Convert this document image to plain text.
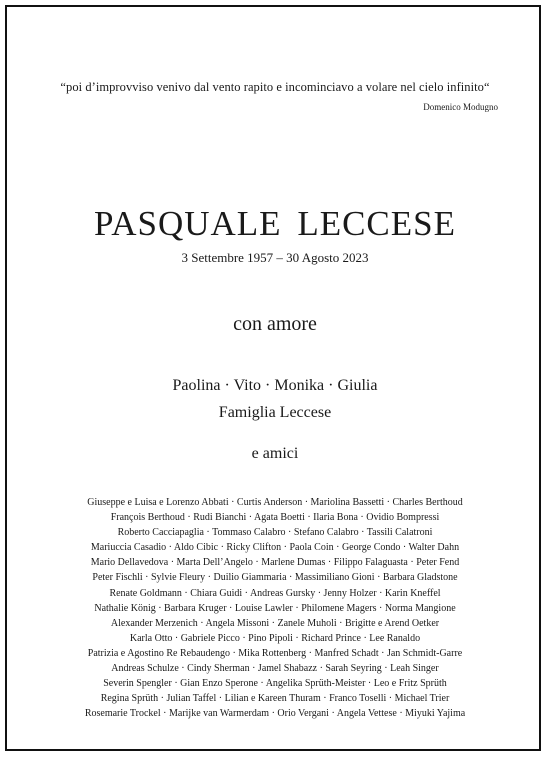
“poi d’improvviso venivo dal vento rapito e incominciavo a volare nel cielo infinito“
Domenico Modugno
PASQUALE LECCESE
3 Settembre 1957 – 30 Agosto 2023
con amore
Paolina · Vito · Monika · Giulia
Famiglia Leccese
e amici
Giuseppe e Luisa e Lorenzo Abbati · Curtis Anderson · Mariolina Bassetti · Charles Berthoud
François Berthoud · Rudi Bianchi · Agata Boetti · Ilaria Bona · Ovidio Bompressi
Roberto Cacciapaglia · Tommaso Calabro · Stefano Calabro · Tassili Calatroni
Mariuccia Casadio · Aldo Cibic · Ricky Clifton · Paola Coin · George Condo · Walter Dahn
Mario Dellavedova · Marta Dell’Angelo · Marlene Dumas · Filippo Falaguasta · Peter Fend
Peter Fischli · Sylvie Fleury · Duilio Giammaria · Massimiliano Gioni · Barbara Gladstone
Renate Goldmann · Chiara Guidi · Andreas Gursky · Jenny Holzer · Karin Kneffel
Nathalie König · Barbara Kruger · Louise Lawler · Philomene Magers · Norma Mangione
Alexander Merzenich · Angela Missoni · Zanele Muholi · Brigitte e Arend Oetker
Karla Otto · Gabriele Picco · Pino Pipoli · Richard Prince · Lee Ranaldo
Patrizia e Agostino Re Rebaudengo · Mika Rottenberg · Manfred Schadt · Jan Schmidt-Garre
Andreas Schulze · Cindy Sherman · Jamel Shabazz · Sarah Seyring · Leah Singer
Severin Spengler · Gian Enzo Sperone · Angelika Sprüth-Meister · Leo e Fritz Sprüth
Regina Sprüth · Julian Taffel · Lilian e Kareen Thuram · Franco Toselli · Michael Trier
Rosemarie Trockel · Marijke van Warmerdam · Orio Vergani · Angela Vettese · Miyuki Yajima
